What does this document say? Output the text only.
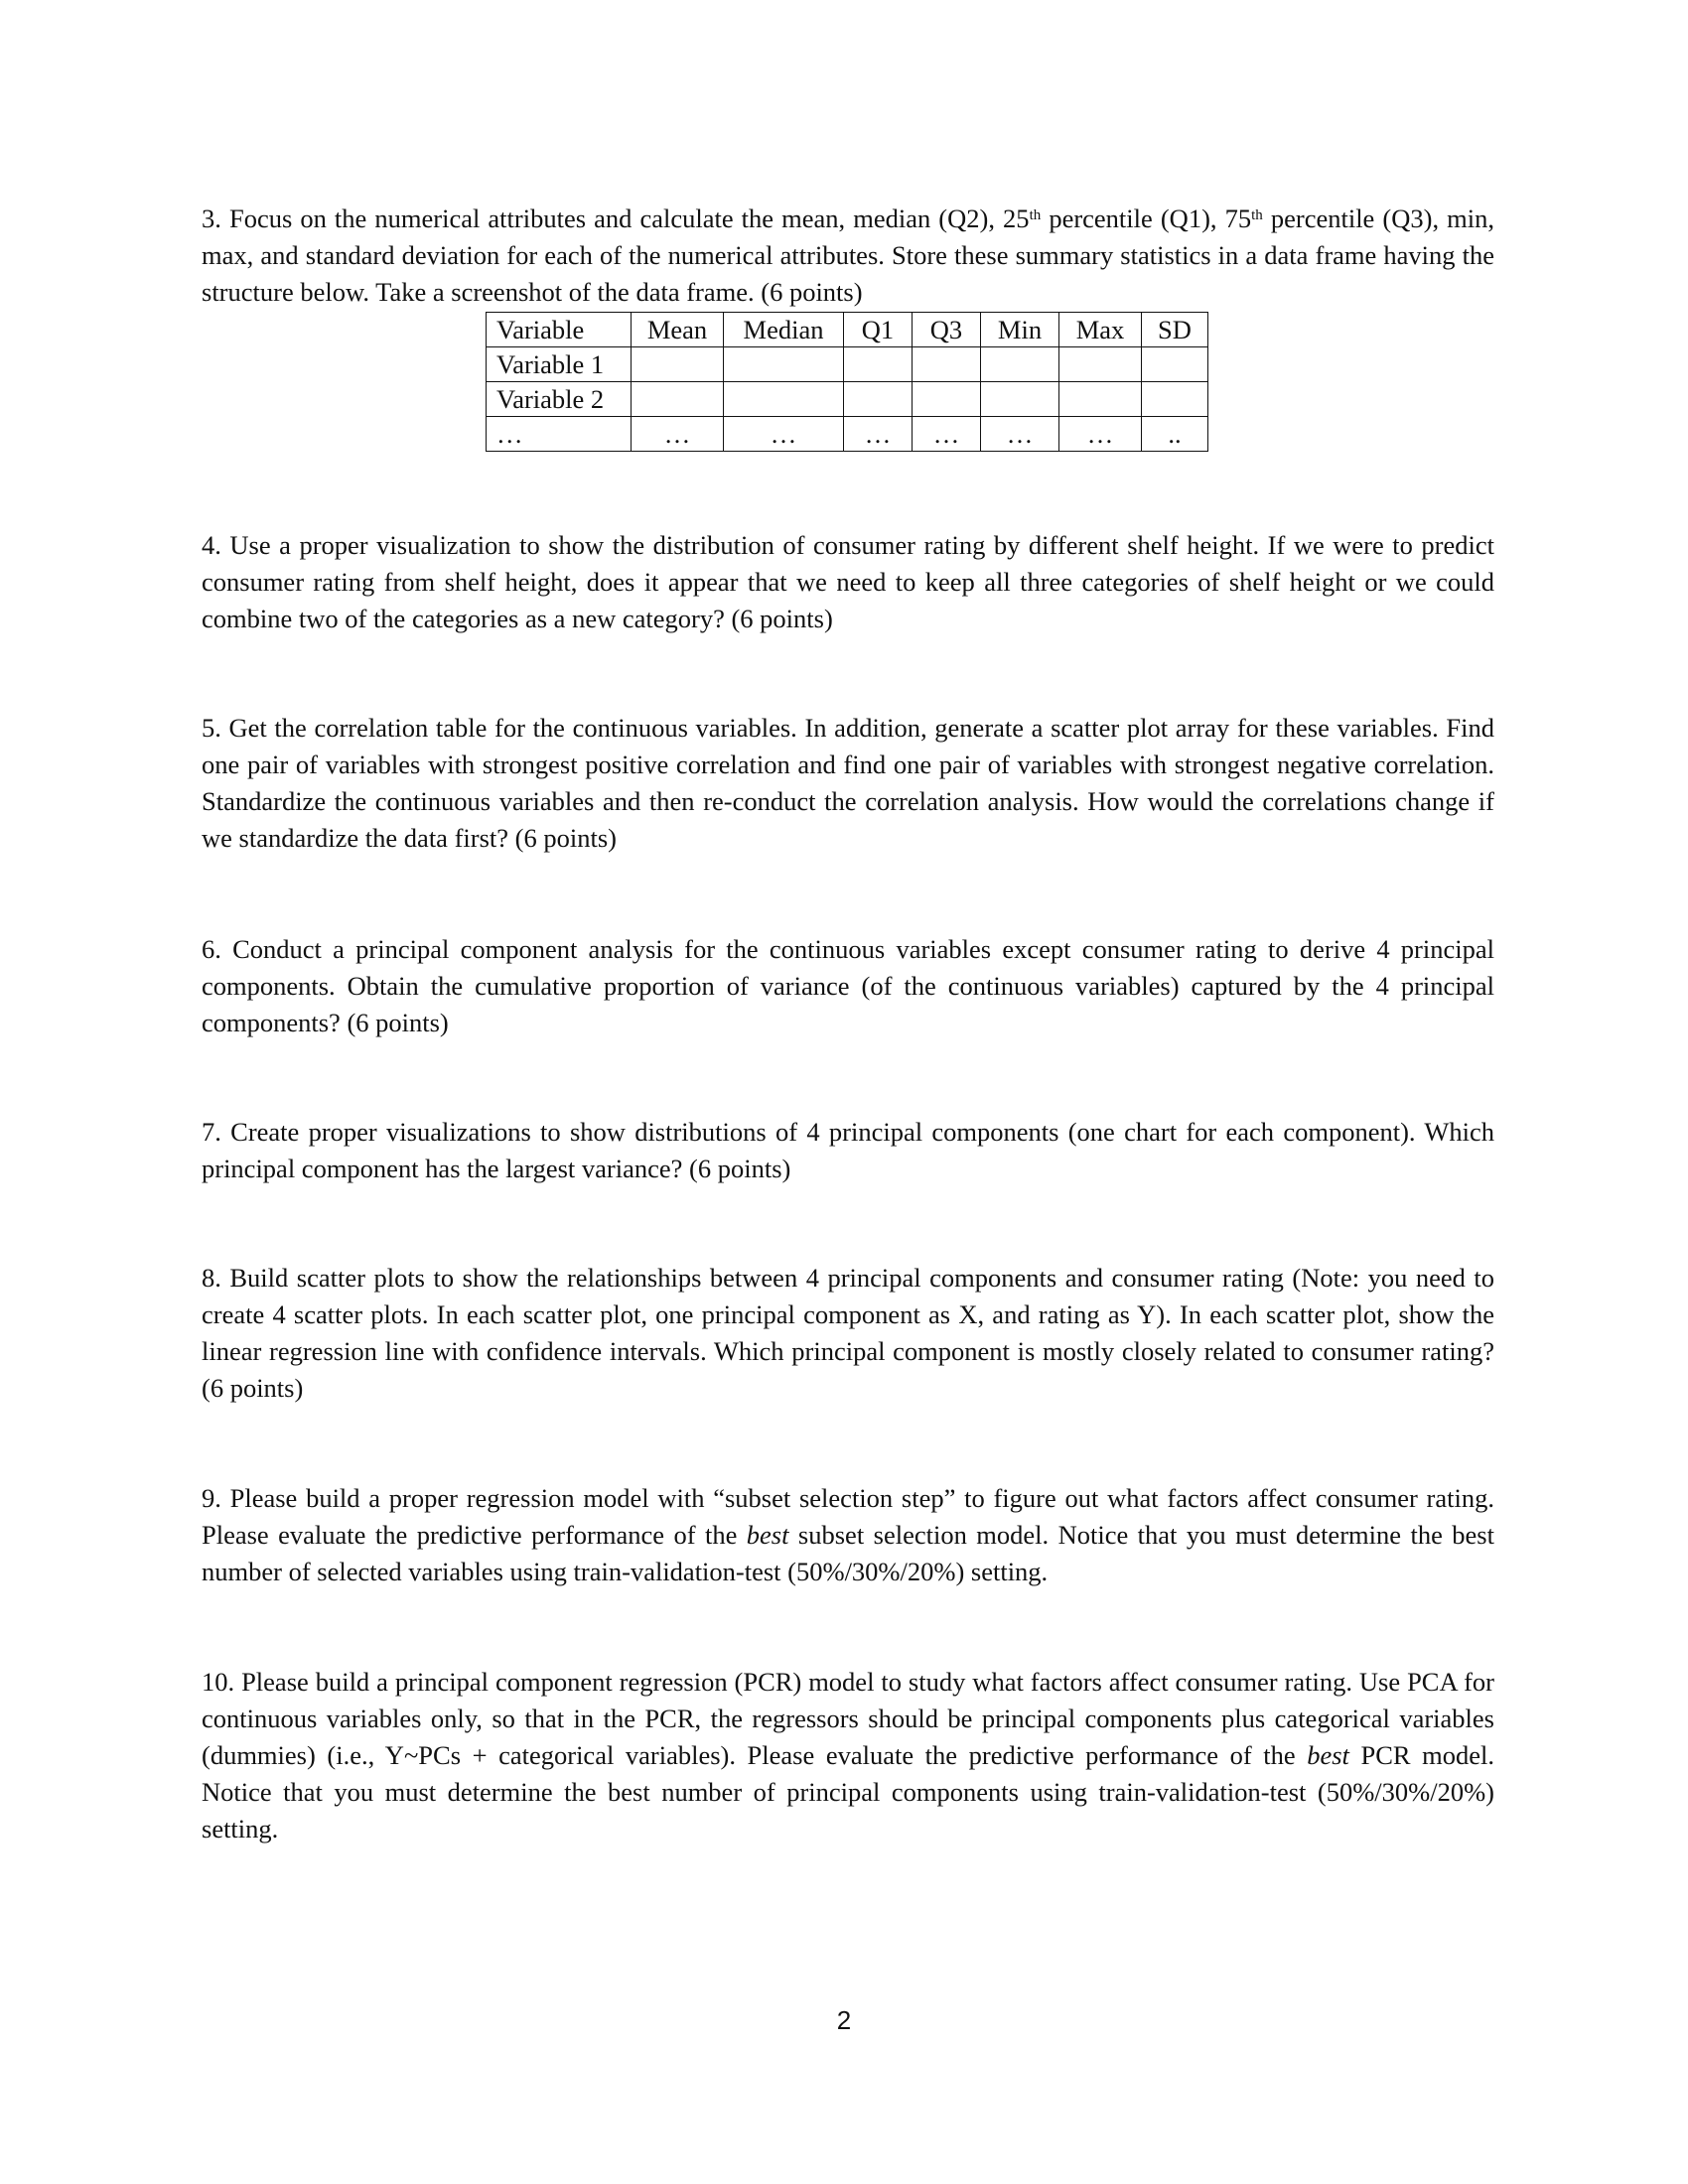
3. Focus on the numerical attributes and calculate the mean, median (Q2), 25th percentile (Q1), 75th percentile (Q3), min, max, and standard deviation for each of the numerical attributes. Store these summary statistics in a data frame having the structure below. Take a screenshot of the data frame. (6 points)

Variable	Mean	Median	Q1	Q3	Min	Max	SD
Variable 1							
Variable 2							
…	…	…	…	…	…	…	..

4. Use a proper visualization to show the distribution of consumer rating by different shelf height. If we were to predict consumer rating from shelf height, does it appear that we need to keep all three categories of shelf height or we could combine two of the categories as a new category? (6 points)

5. Get the correlation table for the continuous variables. In addition, generate a scatter plot array for these variables. Find one pair of variables with strongest positive correlation and find one pair of variables with strongest negative correlation. Standardize the continuous variables and then re-conduct the correlation analysis. How would the correlations change if we standardize the data first? (6 points)

6. Conduct a principal component analysis for the continuous variables except consumer rating to derive 4 principal components. Obtain the cumulative proportion of variance (of the continuous variables) captured by the 4 principal components? (6 points)

7. Create proper visualizations to show distributions of 4 principal components (one chart for each component). Which principal component has the largest variance? (6 points)

8. Build scatter plots to show the relationships between 4 principal components and consumer rating (Note: you need to create 4 scatter plots. In each scatter plot, one principal component as X, and rating as Y). In each scatter plot, show the linear regression line with confidence intervals. Which principal component is mostly closely related to consumer rating? (6 points)

9. Please build a proper regression model with “subset selection step” to figure out what factors affect consumer rating. Please evaluate the predictive performance of the best subset selection model. Notice that you must determine the best number of selected variables using train-validation-test (50%/30%/20%) setting.

10. Please build a principal component regression (PCR) model to study what factors affect consumer rating. Use PCA for continuous variables only, so that in the PCR, the regressors should be principal components plus categorical variables (dummies) (i.e., Y~PCs + categorical variables). Please evaluate the predictive performance of the best PCR model. Notice that you must determine the best number of principal components using train-validation-test (50%/30%/20%) setting.

2
